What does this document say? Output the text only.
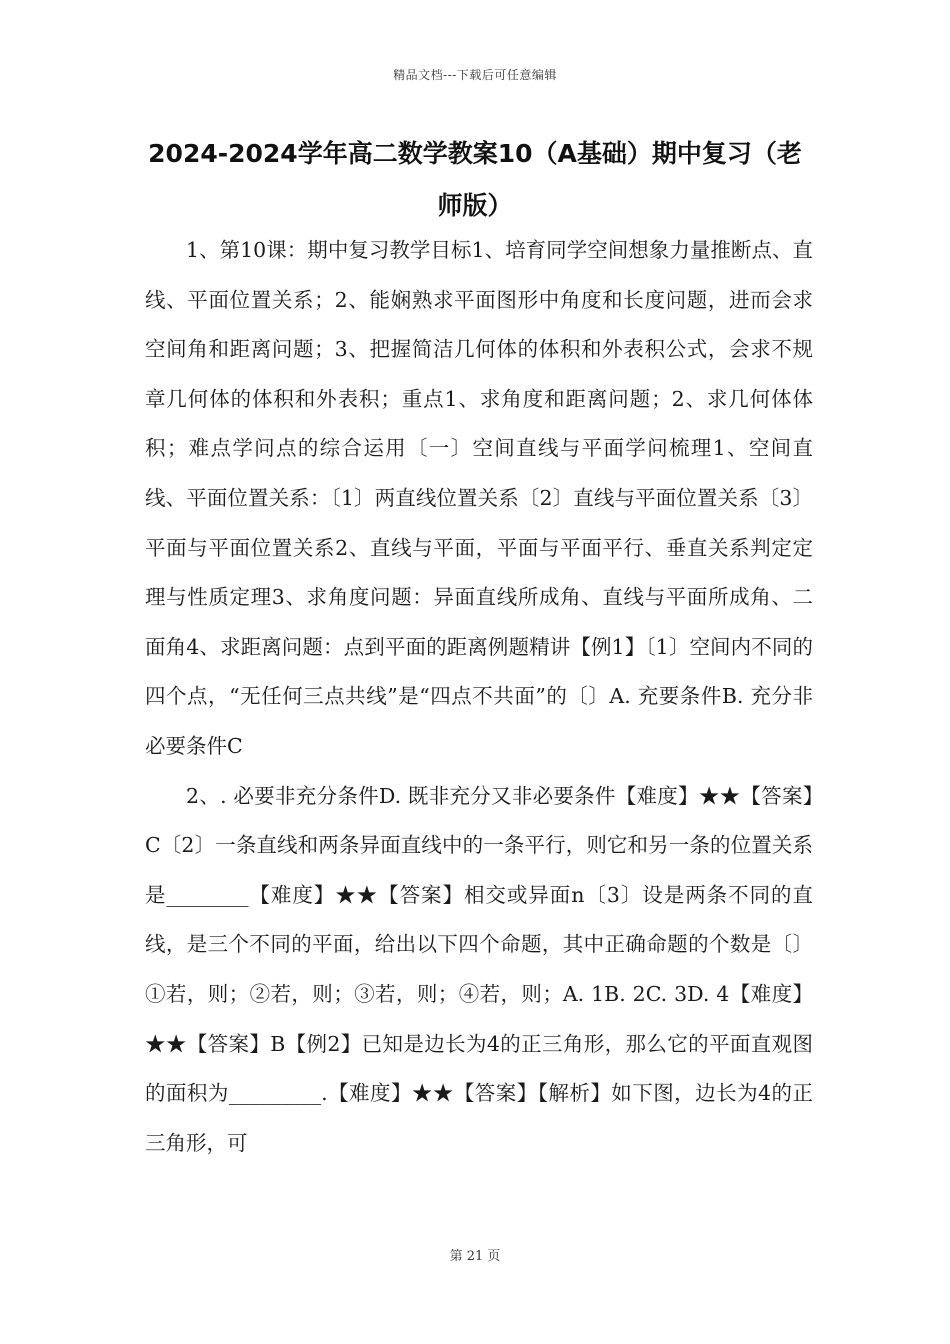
精品文档---下载后可任意编辑
2024-2024学年高二数学教案10（A基础）期中复习（老师版）

1、第10课：期中复习教学目标1、培育同学空间想象力量推断点、直线、平面位置关系；2、能娴熟求平面图形中角度和长度问题，进而会求空间角和距离问题；3、把握简洁几何体的体积和外表积公式，会求不规章几何体的体积和外表积；重点1、求角度和距离问题；2、求几何体体积；难点学问点的综合运用〔一〕空间直线与平面学问梳理1、空间直线、平面位置关系：〔1〕两直线位置关系〔2〕直线与平面位置关系〔3〕平面与平面位置关系2、直线与平面，平面与平面平行、垂直关系判定定理与性质定理3、求角度问题：异面直线所成角、直线与平面所成角、二面角4、求距离问题：点到平面的距离例题精讲【例1】〔1〕空间内不同的四个点，“无任何三点共线”是“四点不共面”的〔〕A. 充要条件B. 充分非必要条件C

2、. 必要非充分条件D. 既非充分又非必要条件【难度】★★【答案】C〔2〕一条直线和两条异面直线中的一条平行，则它和另一条的位置关系是________【难度】★★【答案】相交或异面n〔3〕设是两条不同的直线，是三个不同的平面，给出以下四个命题，其中正确命题的个数是〔〕①若，则；②若，则；③若，则；④若，则；A. 1B. 2C. 3D. 4【难度】★★【答案】B【例2】已知是边长为4的正三角形，那么它的平面直观图的面积为_________.【难度】★★【答案】【解析】如下图，边长为4的正三角形，可

第 21 页
